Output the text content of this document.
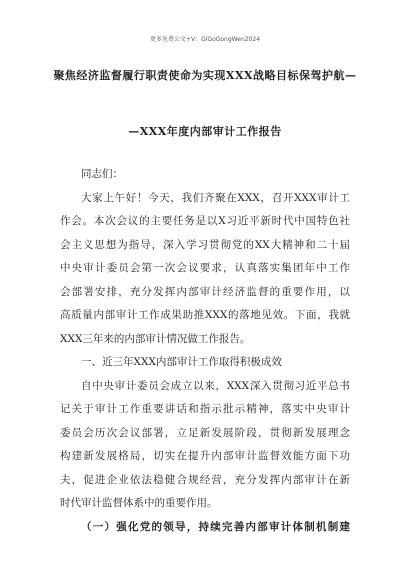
更多免费公文+V：GiGoGongWen2024
聚焦经济监督履行职责使命为实现XXX战略目标保驾护航—
—XXX年度内部审计工作报告
同志们：
大家上午好！今天，我们齐聚在XXX，召开XXX审计工
作会。本次会议的主要任务是以X习近平新时代中国特色社
会主义思想为指导，深入学习贯彻党的XX大精神和二十届
中央审计委员会第一次会议要求，认真落实集团年中工作
会部署安排，充分发挥内部审计经济监督的重要作用，以
高质量内部审计工作成果助推XXX的落地见效。下面，我就
XXX三年来的内部审计情况做工作报告。
一、近三年XXX内部审计工作取得积极成效
自中央审计委员会成立以来，XXX深入贯彻习近平总书
记关于审计工作重要讲话和指示批示精神，落实中央审计
委员会历次会议部署，立足新发展阶段，贯彻新发展理念
构建新发展格局，切实在提升内部审计监督效能方面下功
夫，促进企业依法稳健合规经营，充分发挥内部审计在新
时代审计监督体系中的重要作用。
（一）强化党的领导，持续完善内部审计体制机制建
